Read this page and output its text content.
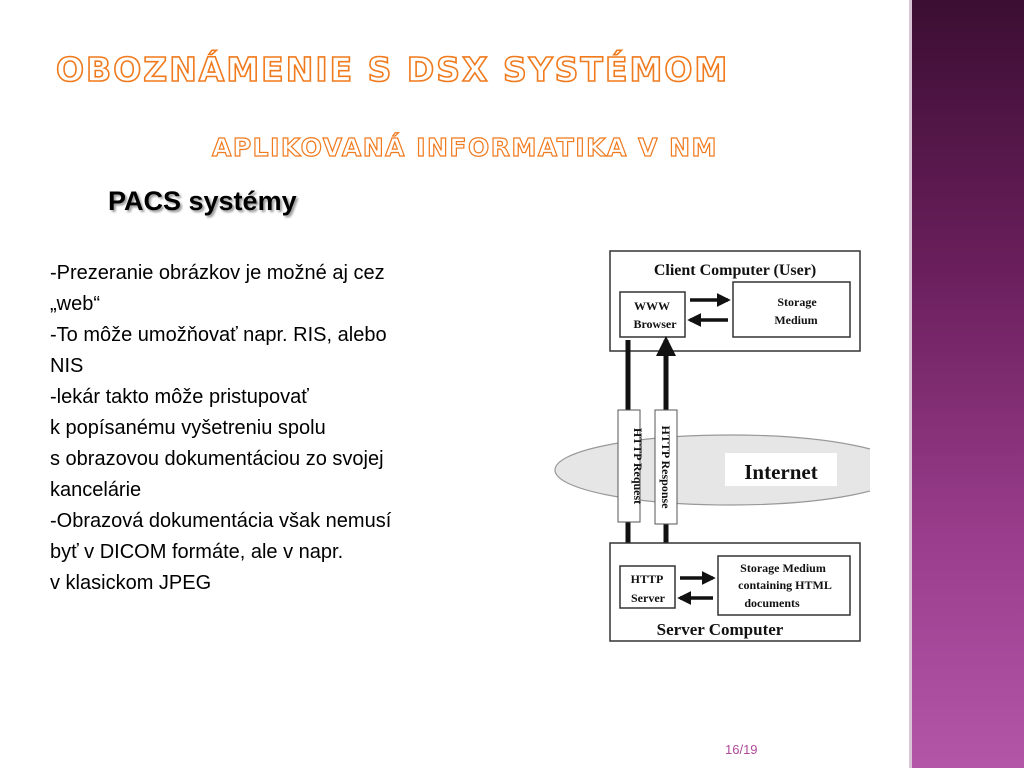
OBOZNÁMENIE S DSX SYSTÉMOM
APLIKOVANÁ INFORMATIKA V NM
PACS systémy
-Prezeranie obrázkov je možné aj cez
„web“
-To môže umožňovať napr. RIS, alebo
NIS
-lekár takto môže pristupovať
k popísanému vyšetreniu spolu
s obrazovou dokumentáciou zo svojej
kancelárie
-Obrazová dokumentácia však nemusí
byť v DICOM formáte, ale v napr.
v klasickom JPEG
Client Computer (User)
WWW
Browser
Storage
Medium
Internet
HTTP Request HTTP Response
HTTP
Server
Storage Medium
containing HTML
documents
Server Computer
16/19
